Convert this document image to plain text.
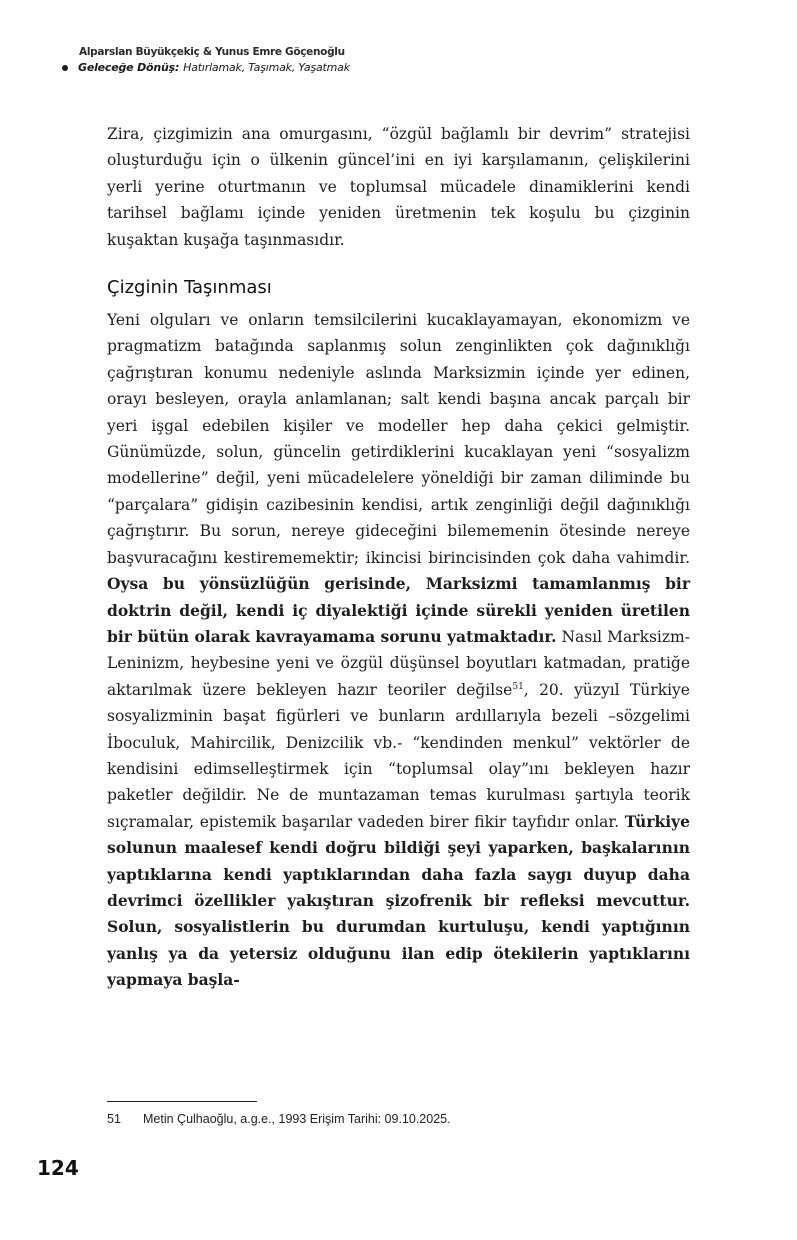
Alparslan Büyükçekiç & Yunus Emre Göçenoğlu
Geleceğe Dönüş: Hatırlamak, Taşımak, Yaşatmak

Zira, çizgimizin ana omurgasını, “özgül bağlamlı bir devrim” stratejisi oluşturduğu için o ülkenin güncel’ini en iyi karşılamanın, çelişkilerini yerli yerine oturtmanın ve toplumsal mücadele dinamiklerini kendi tarihsel bağlamı içinde yeniden üretmenin tek koşulu bu çizginin kuşaktan kuşağa taşınmasıdır.

Çizginin Taşınması

Yeni olguları ve onların temsilcilerini kucaklayamayan, ekonomizm ve pragmatizm batağında saplanmış solun zenginlikten çok dağınıklığı çağrıştıran konumu nedeniyle aslında Marksizmin içinde yer edinen, orayı besleyen, orayla anlamlanan; salt kendi başına ancak parçalı bir yeri işgal edebilen kişiler ve modeller hep daha çekici gelmiştir. Günümüzde, solun, güncelin getirdiklerini kucaklayan yeni “sosyalizm modellerine” değil, yeni mücadelelere yöneldiği bir zaman diliminde bu “parçalara” gidişin cazibesinin kendisi, artık zenginliği değil dağınıklığı çağrıştırır. Bu sorun, nereye gideceğini bilememenin ötesinde nereye başvuracağını kestirememektir; ikincisi birincisinden çok daha vahimdir. Oysa bu yönsüzlüğün gerisinde, Marksizmi tamamlanmış bir doktrin değil, kendi iç diyalektiği içinde sürekli yeniden üretilen bir bütün olarak kavrayamama sorunu yatmaktadır. Nasıl Marksizm-Leninizm, heybesine yeni ve özgül düşünsel boyutları katmadan, pratiğe aktarılmak üzere bekleyen hazır teoriler değilse$^{51}$, 20. yüzyıl Türkiye sosyalizminin başat figürleri ve bunların ardıllarıyla bezeli –sözgelimi İboculuk, Mahircilik, Denizcilik vb.- “kendinden menkul” vektörler de kendisini edimselleştirmek için “toplumsal olay”ını bekleyen hazır paketler değildir. Ne de muntazaman temas kurulması şartıyla teorik sıçramalar, epistemik başarılar vadeden birer fikir tayfıdır onlar. Türkiye solunun maalesef kendi doğru bildiği şeyi yaparken, başkalarının yaptıklarına kendi yaptıklarından daha fazla saygı duyup daha devrimci özellikler yakıştıran şizofrenik bir refleksi mevcuttur. Solun, sosyalistlerin bu durumdan kurtuluşu, kendi yaptığının yanlış ya da yetersiz olduğunu ilan edip ötekilerin yaptıklarını yapmaya başla-

51 Metin Çulhaoğlu, a.g.e., 1993 Erişim Tarihi: 09.10.2025.
124
